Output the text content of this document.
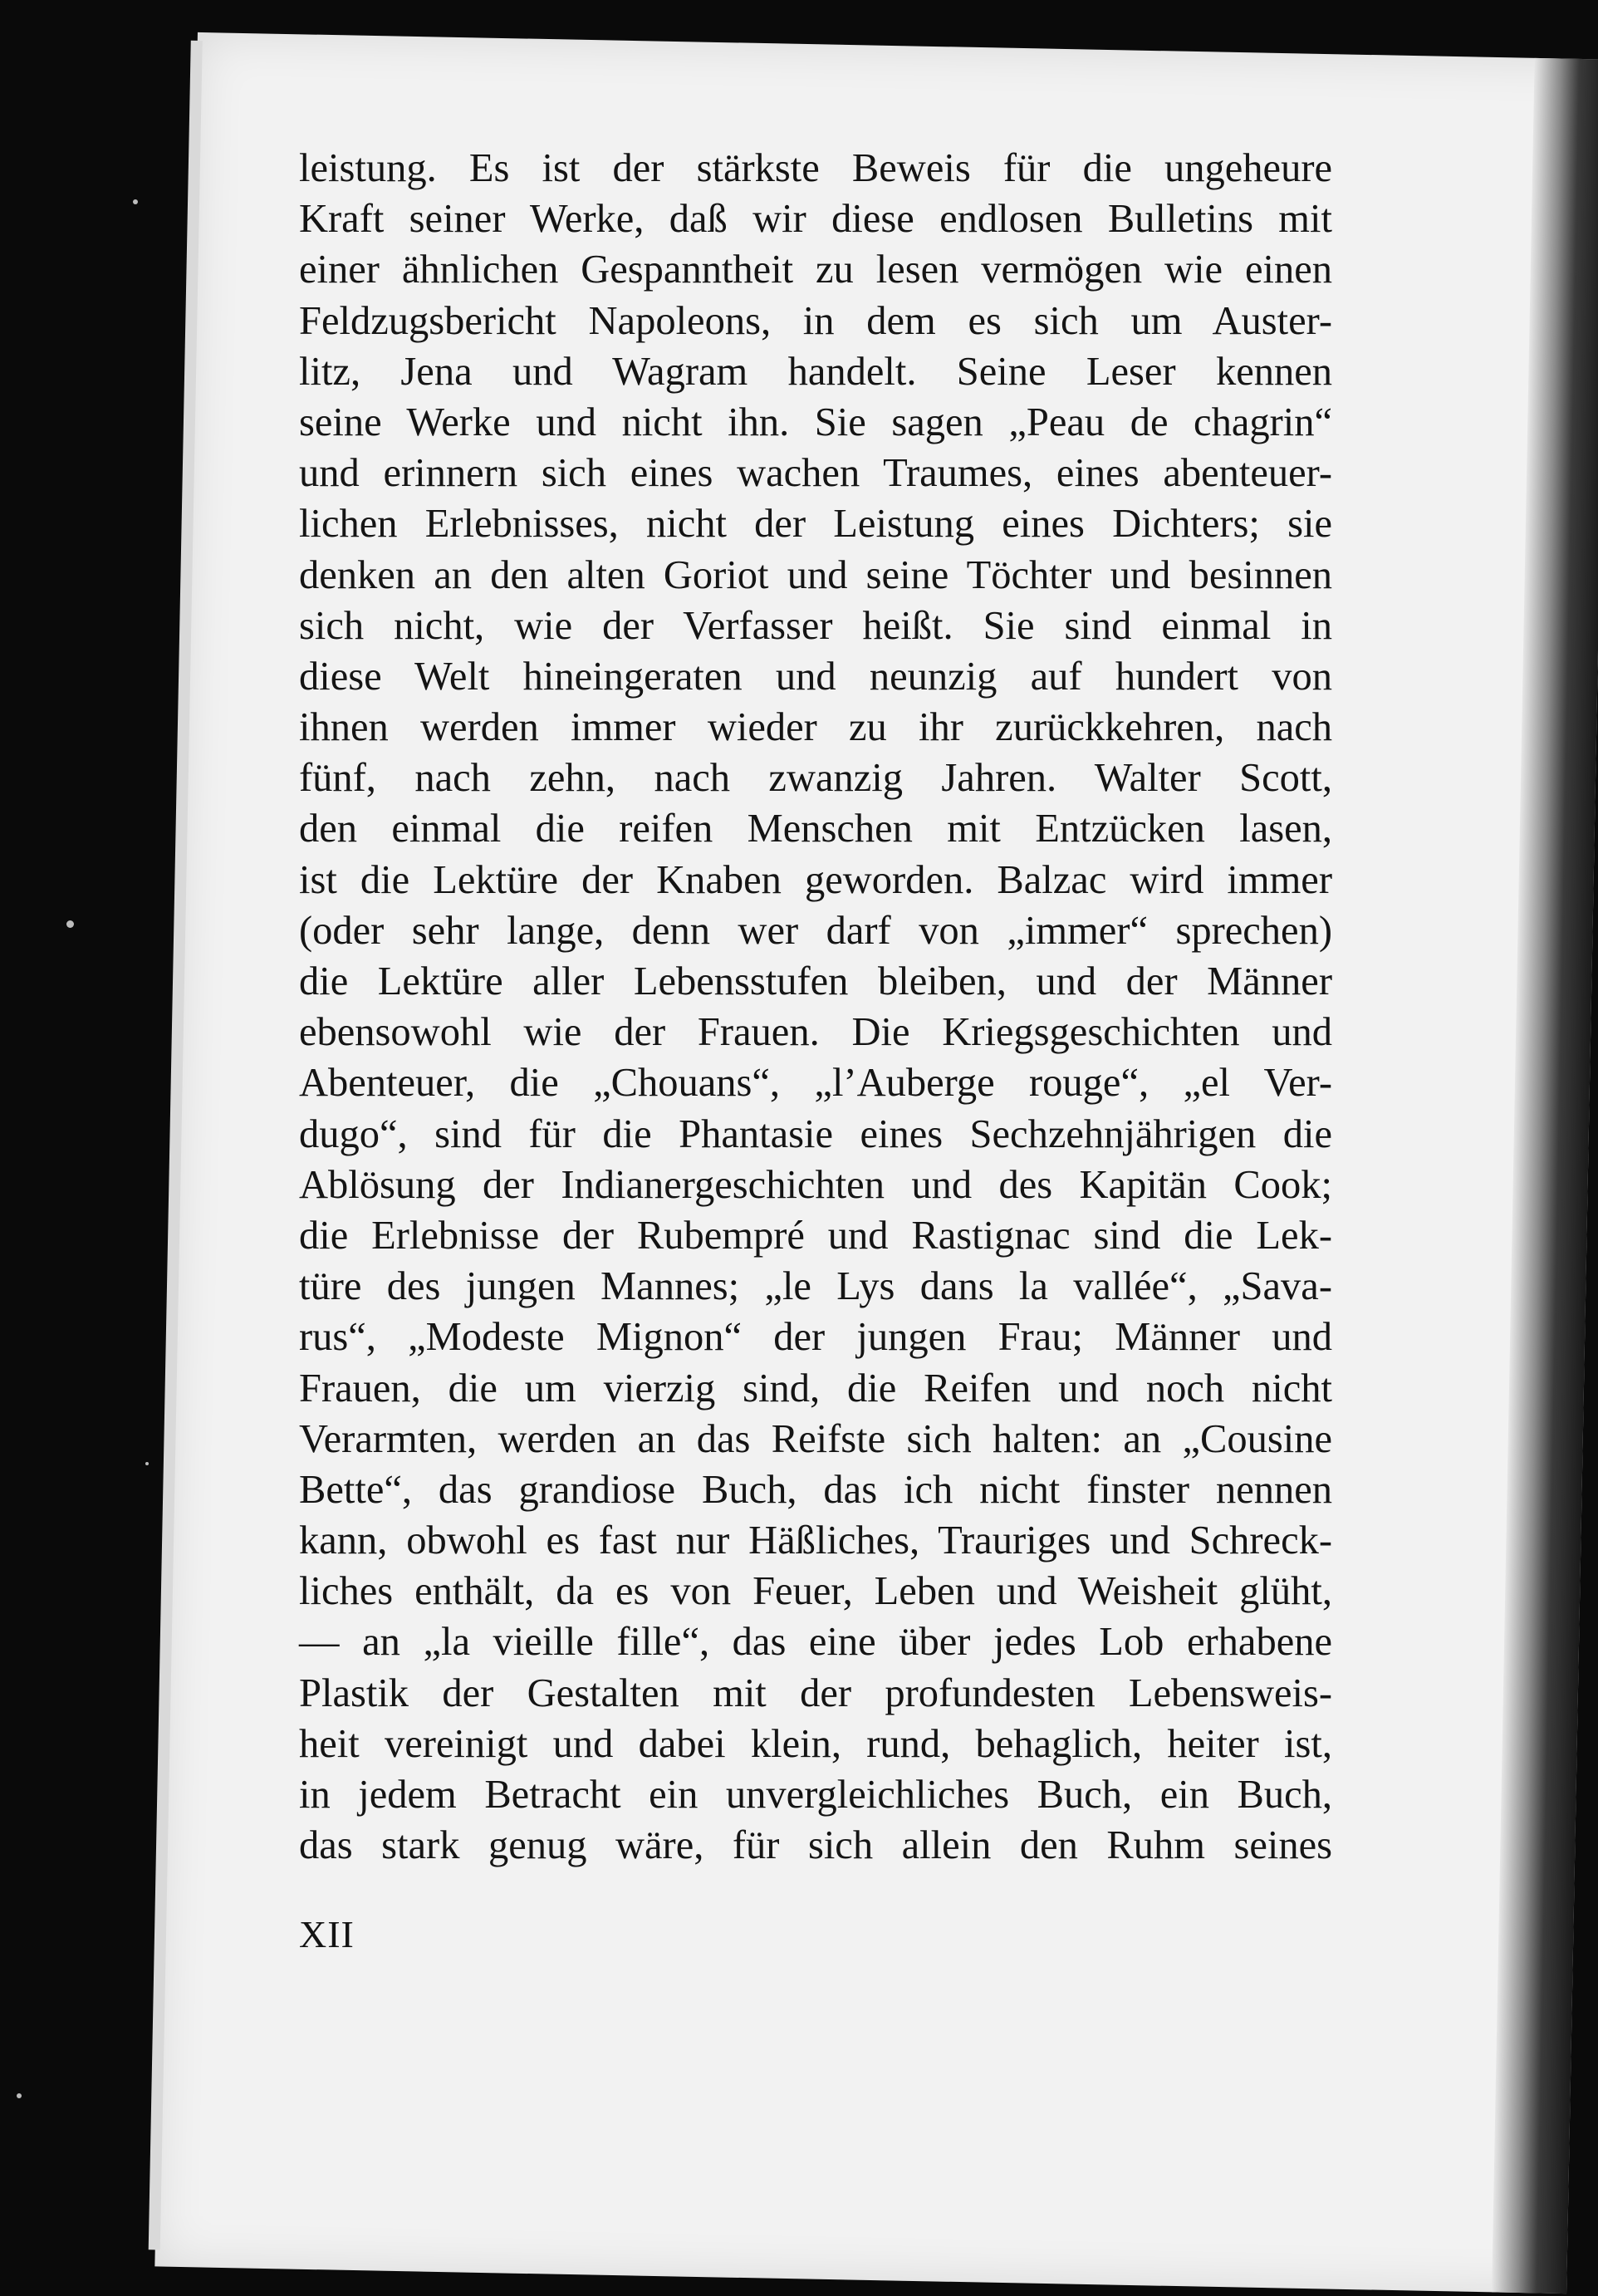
leistung. Es ist der stärkste Beweis für die ungeheure
Kraft seiner Werke, daß wir diese endlosen Bulletins mit
einer ähnlichen Gespanntheit zu lesen vermögen wie einen
Feldzugsbericht Napoleons, in dem es sich um Auster-
litz, Jena und Wagram handelt. Seine Leser kennen
seine Werke und nicht ihn. Sie sagen „Peau de chagrin“
und erinnern sich eines wachen Traumes, eines abenteuer-
lichen Erlebnisses, nicht der Leistung eines Dichters; sie
denken an den alten Goriot und seine Töchter und besinnen
sich nicht, wie der Verfasser heißt. Sie sind einmal in
diese Welt hineingeraten und neunzig auf hundert von
ihnen werden immer wieder zu ihr zurückkehren, nach
fünf, nach zehn, nach zwanzig Jahren. Walter Scott,
den einmal die reifen Menschen mit Entzücken lasen,
ist die Lektüre der Knaben geworden. Balzac wird immer
(oder sehr lange, denn wer darf von „immer“ sprechen)
die Lektüre aller Lebensstufen bleiben, und der Männer
ebensowohl wie der Frauen. Die Kriegsgeschichten und
Abenteuer, die „Chouans“, „l’Auberge rouge“, „el Ver-
dugo“, sind für die Phantasie eines Sechzehnjährigen die
Ablösung der Indianergeschichten und des Kapitän Cook;
die Erlebnisse der Rubempré und Rastignac sind die Lek-
türe des jungen Mannes; „le Lys dans la vallée“, „Sava-
rus“, „Modeste Mignon“ der jungen Frau; Männer und
Frauen, die um vierzig sind, die Reifen und noch nicht
Verarmten, werden an das Reifste sich halten: an „Cousine
Bette“, das grandiose Buch, das ich nicht finster nennen
kann, obwohl es fast nur Häßliches, Trauriges und Schreck-
liches enthält, da es von Feuer, Leben und Weisheit glüht,
— an „la vieille fille“, das eine über jedes Lob erhabene
Plastik der Gestalten mit der profundesten Lebensweis-
heit vereinigt und dabei klein, rund, behaglich, heiter ist,
in jedem Betracht ein unvergleichliches Buch, ein Buch,
das stark genug wäre, für sich allein den Ruhm seines
XII
